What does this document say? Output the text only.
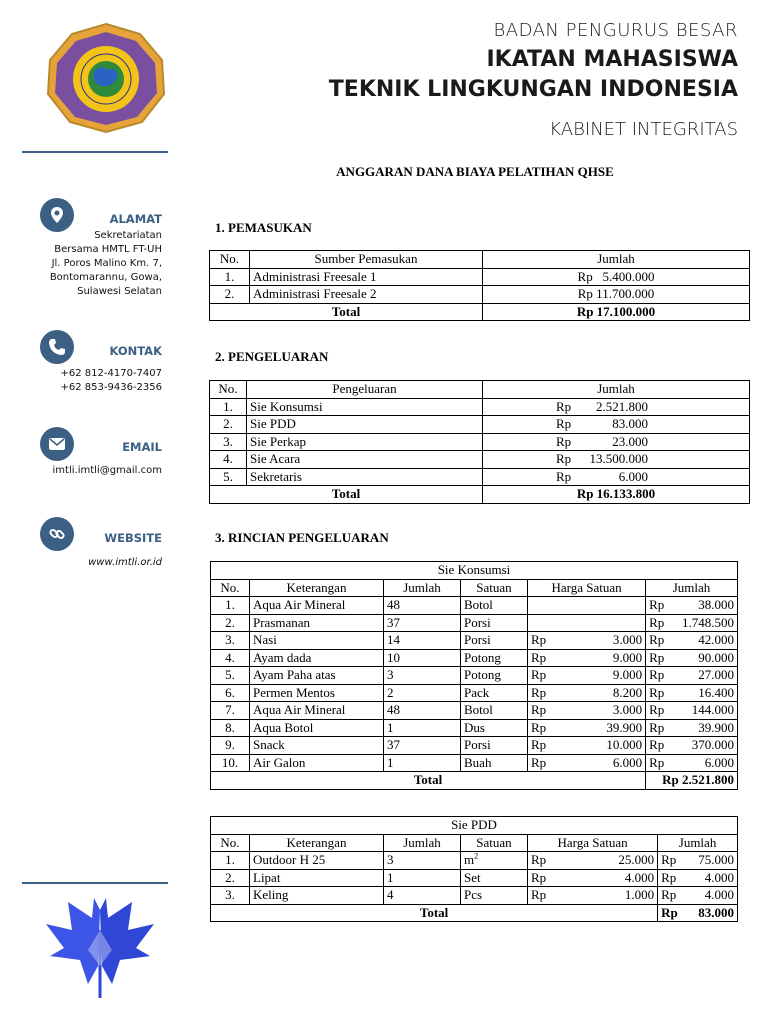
BADAN PENGURUS BESAR
IKATAN MAHASISWA
TEKNIK LINGKUNGAN INDONESIA
KABINET INTEGRITAS
ALAMAT
Sekretariatan
Bersama HMTL FT-UH
Jl. Poros Malino Km. 7,
Bontomarannu, Gowa,
Sulawesi Selatan
KONTAK
+62 812-4170-7407
+62 853-9436-2356
EMAIL
imtli.imtli@gmail.com
WEBSITE
www.imtli.or.id
ANGGARAN DANA BIAYA PELATIHAN QHSE
1. PEMASUKAN
No.	Sumber Pemasukan	Jumlah
1.	Administrasi Freesale 1	Rp   5.400.000
2.	Administrasi Freesale 2	Rp 11.700.000
Total		Rp 17.100.000
2. PENGELUARAN
No.	Pengeluaran	Jumlah
1.	Sie Konsumsi	Rp 2.521.800

2.	Sie PDD	Rp 83.000

3.	Sie Perkap	Rp 23.000

4.	Sie Acara	Rp 13.500.000

5.	Sekretaris	Rp 6.000

Total		Rp 16.133.800
3. RINCIAN PENGELUARAN
Sie Konsumsi							
No.	Keterangan	Jumlah	Satuan	Harga Satuan		Jumlah	
1.	Aqua Air Mineral	48	Botol			Rp	38.000
2.	Prasmanan	37	Porsi			Rp	1.748.500
3.	Nasi	14	Porsi	Rp	3.000	Rp	42.000
4.	Ayam dada	10	Potong	Rp	9.000	Rp	90.000
5.	Ayam Paha atas	3	Potong	Rp	9.000	Rp	27.000
6.	Permen Mentos	2	Pack	Rp	8.200	Rp	16.400
7.	Aqua Air Mineral	48	Botol	Rp	3.000	Rp	144.000
8.	Aqua Botol	1	Dus	Rp	39.900	Rp	39.900
9.	Snack	37	Porsi	Rp	10.000	Rp	370.000
10.	Air Galon	1	Buah	Rp	6.000	Rp	6.000
Total						Rp 2.521.800	
Sie PDD							
No.	Keterangan	Jumlah	Satuan	Harga Satuan		Jumlah	
1.	Outdoor H 25	3	$m^2$	Rp	25.000	Rp	75.000
2.	Lipat	1	Set	Rp	4.000	Rp	4.000
3.	Keling	4	Pcs	Rp	1.000	Rp	4.000
Total						Rp	83.000
